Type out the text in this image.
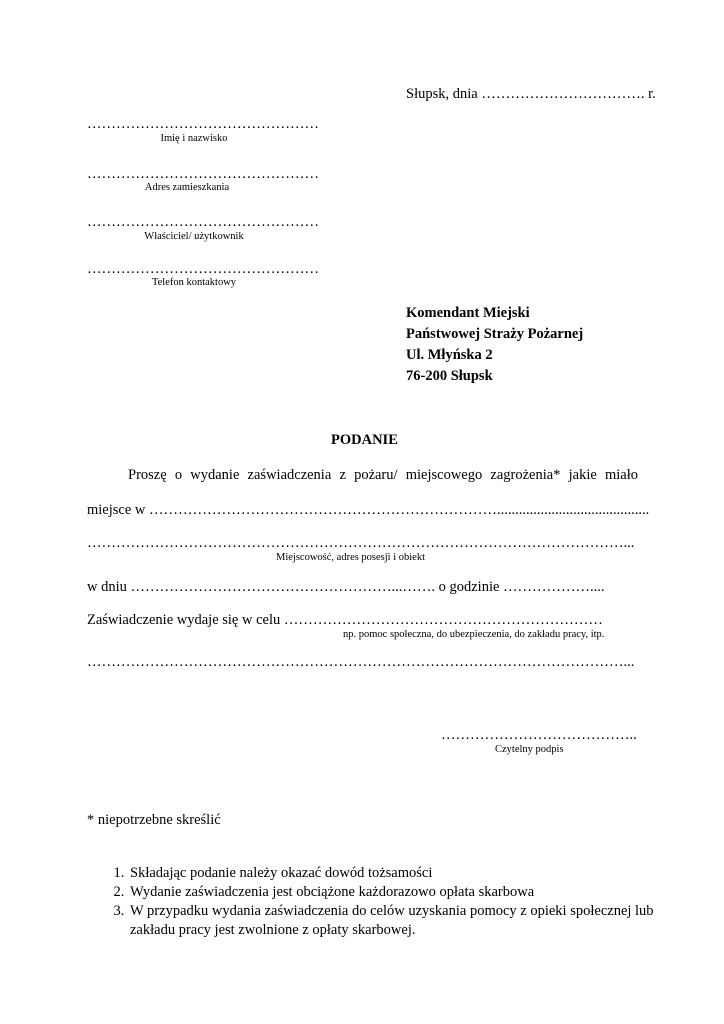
Słupsk, dnia ……………………………. r.
…………………………………………
Imię i nazwisko
…………………………………………
Adres zamieszkania
…………………………………………
Właściciel/ użytkownik
…………………………………………
Telefon kontaktowy
Komendant Miejski
Państwowej Straży Pożarnej
Ul. Młyńska 2
76-200 Słupsk
PODANIE
Proszę o wydanie zaświadczenia z pożaru/ miejscowego zagrożenia* jakie miało
miejsce w ………………………………………………………………..........................................
…………………………………………………………………………………………………...
Miejscowość, adres posesji i obiekt
w dniu ………………………………………………...……. o godzinie ………………....
Zaświadczenie wydaje się w celu …………………………………………………………
np. pomoc społeczna, do ubezpieczenia, do zakładu pracy, itp.
…………………………………………………………………………………………………...
…………………………………..
Czytelny podpis
* niepotrzebne skreślić
1. Składając podanie należy okazać dowód tożsamości
2. Wydanie zaświadczenia jest obciążone każdorazowo opłata skarbowa
3. W przypadku wydania zaświadczenia do celów uzyskania pomocy z opieki społecznej lub zakładu pracy jest zwolnione z opłaty skarbowej.
